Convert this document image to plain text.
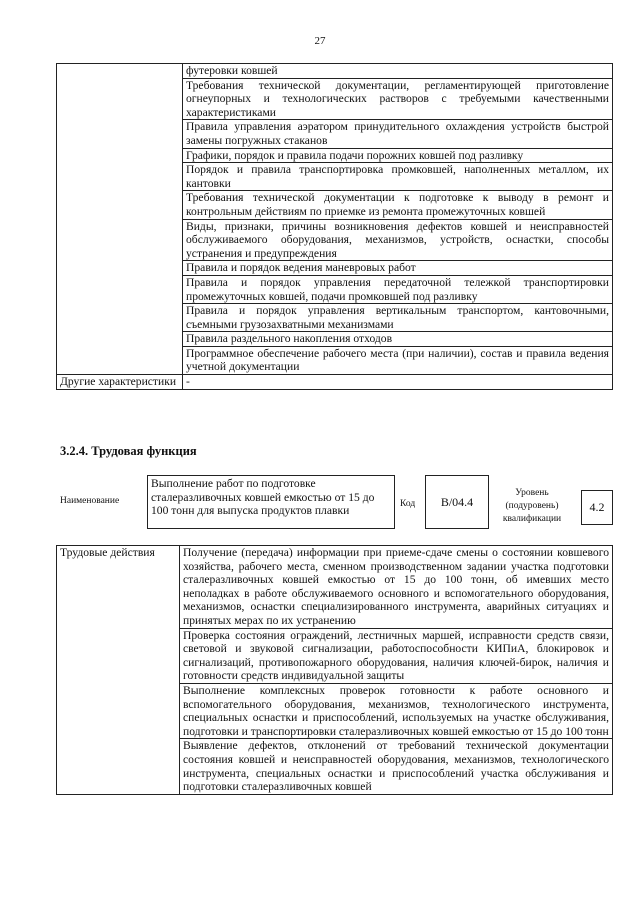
27
	футеровки ковшей
	Требования технической документации, регламентирующей приготовление огнеупорных и технологических растворов с требуемыми качественными характеристиками
	Правила управления аэратором принудительного охлаждения устройств быстрой замены погружных стаканов
	Графики, порядок и правила подачи порожних ковшей под разливку
	Порядок и правила транспортировка промковшей, наполненных металлом, их кантовки
	Требования технической документации к подготовке к выводу в ремонт и контрольным действиям по приемке из ремонта промежуточных ковшей
	Виды, признаки, причины возникновения дефектов ковшей и неисправностей обслуживаемого оборудования, механизмов, устройств, оснастки, способы устранения и предупреждения
	Правила и порядок ведения маневровых работ
	Правила и порядок управления передаточной тележкой транспортировки промежуточных ковшей, подачи промковшей под разливку
	Правила и порядок управления вертикальным транспортом, кантовочными, съемными грузозахватными механизмами
	Правила раздельного накопления отходов
	Программное обеспечение рабочего места (при наличии), состав и правила ведения учетной документации
Другие характеристики	-
3.2.4. Трудовая функция
Наименование
Выполнение работ по подготовке сталеразливочных ковшей емкостью от 15 до 100 тонн для выпуска продуктов плавки
Код	В/04.4
Уровень (подуровень) квалификации
4.2
Трудовые действия	Получение (передача) информации при приеме-сдаче смены о состоянии ковшевого хозяйства, рабочего места, сменном производственном задании участка подготовки сталеразливочных ковшей емкостью от 15 до 100 тонн, об имевших место неполадках в работе обслуживаемого основного и вспомогательного оборудования, механизмов, оснастки специализированного инструмента, аварийных ситуациях и принятых мерах по их устранению
Проверка состояния ограждений, лестничных маршей, исправности средств связи, световой и звуковой сигнализации, работоспособности КИПиА, блокировок и сигнализаций, противопожарного оборудования, наличия ключей-бирок, наличия и готовности средств индивидуальной защиты
Выполнение комплексных проверок готовности к работе основного и вспомогательного оборудования, механизмов, технологического инструмента, специальных оснастки и приспособлений, используемых на участке обслуживания, подготовки и транспортировки сталеразливочных ковшей емкостью от 15 до 100 тонн
Выявление дефектов, отклонений от требований технической документации состояния ковшей и неисправностей оборудования, механизмов, технологического инструмента, специальных оснастки и приспособлений участка обслуживания и подготовки сталеразливочных ковшей
